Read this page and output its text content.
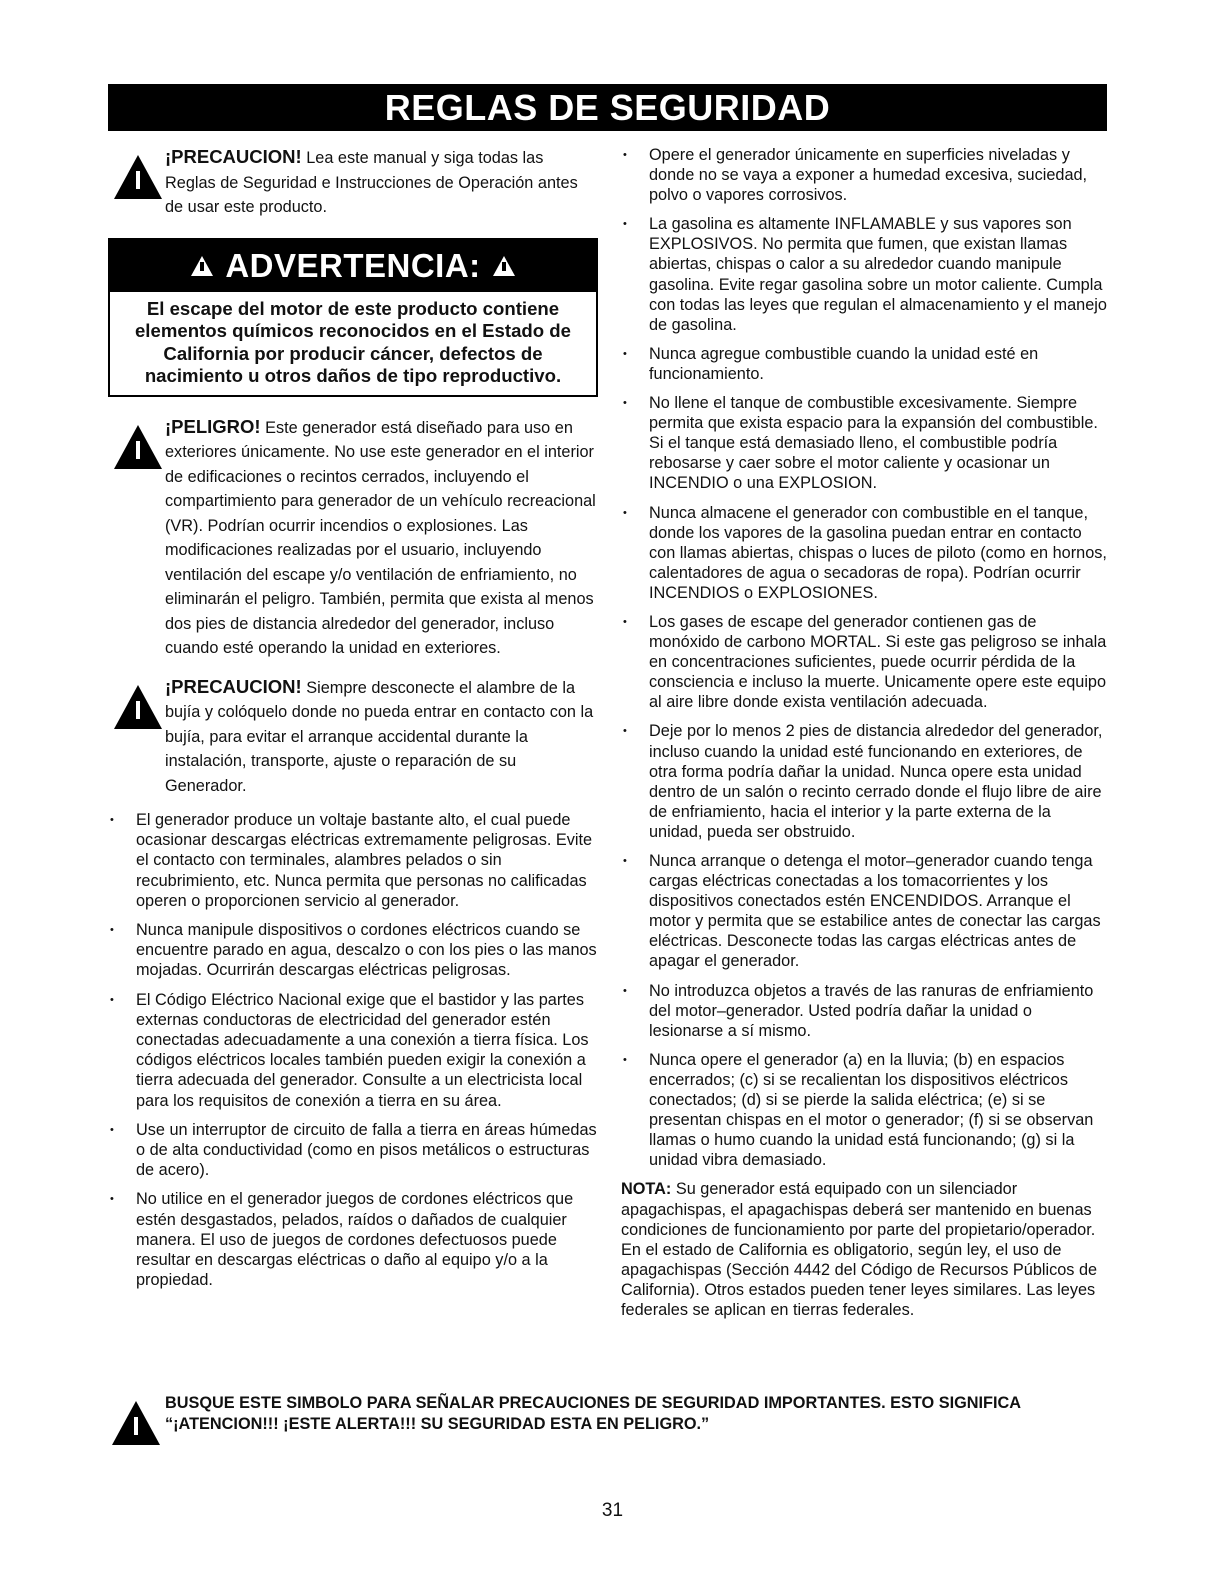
REGLAS DE SEGURIDAD
¡PRECAUCION! Lea este manual y siga todas las Reglas de Seguridad e Instrucciones de Operación antes de usar este producto.
ADVERTENCIA:
El escape del motor de este producto contiene elementos químicos reconocidos en el Estado de California por producir cáncer, defectos de nacimiento u otros daños de tipo reproductivo.
¡PELIGRO! Este generador está diseñado para uso en exteriores únicamente. No use este generador en el interior de edificaciones o recintos cerrados, incluyendo el compartimiento para generador de un vehículo recreacional (VR). Podrían ocurrir incendios o explosiones. Las modificaciones realizadas por el usuario, incluyendo ventilación del escape y/o ventilación de enfriamiento, no eliminarán el peligro. También, permita que exista al menos dos pies de distancia alrededor del generador, incluso cuando esté operando la unidad en exteriores.
¡PRECAUCION! Siempre desconecte el alambre de la bujía y colóquelo donde no pueda entrar en contacto con la bujía, para evitar el arranque accidental durante la instalación, transporte, ajuste o reparación de su Generador.
• El generador produce un voltaje bastante alto, el cual puede ocasionar descargas eléctricas extremamente peligrosas. Evite el contacto con terminales, alambres pelados o sin recubrimiento, etc. Nunca permita que personas no calificadas operen o proporcionen servicio al generador.
• Nunca manipule dispositivos o cordones eléctricos cuando se encuentre parado en agua, descalzo o con los pies o las manos mojadas. Ocurrirán descargas eléctricas peligrosas.
• El Código Eléctrico Nacional exige que el bastidor y las partes externas conductoras de electricidad del generador estén conectadas adecuadamente a una conexión a tierra física. Los códigos eléctricos locales también pueden exigir la conexión a tierra adecuada del generador. Consulte a un electricista local para los requisitos de conexión a tierra en su área.
• Use un interruptor de circuito de falla a tierra en áreas húmedas o de alta conductividad (como en pisos metálicos o estructuras de acero).
• No utilice en el generador juegos de cordones eléctricos que estén desgastados, pelados, raídos o dañados de cualquier manera. El uso de juegos de cordones defectuosos puede resultar en descargas eléctricas o daño al equipo y/o a la propiedad.
• Opere el generador únicamente en superficies niveladas y donde no se vaya a exponer a humedad excesiva, suciedad, polvo o vapores corrosivos.
• La gasolina es altamente INFLAMABLE y sus vapores son EXPLOSIVOS. No permita que fumen, que existan llamas abiertas, chispas o calor a su alrededor cuando manipule gasolina. Evite regar gasolina sobre un motor caliente. Cumpla con todas las leyes que regulan el almacenamiento y el manejo de gasolina.
• Nunca agregue combustible cuando la unidad esté en funcionamiento.
• No llene el tanque de combustible excesivamente. Siempre permita que exista espacio para la expansión del combustible. Si el tanque está demasiado lleno, el combustible podría rebosarse y caer sobre el motor caliente y ocasionar un INCENDIO o una EXPLOSION.
• Nunca almacene el generador con combustible en el tanque, donde los vapores de la gasolina puedan entrar en contacto con llamas abiertas, chispas o luces de piloto (como en hornos, calentadores de agua o secadoras de ropa). Podrían ocurrir INCENDIOS o EXPLOSIONES.
• Los gases de escape del generador contienen gas de monóxido de carbono MORTAL. Si este gas peligroso se inhala en concentraciones suficientes, puede ocurrir pérdida de la consciencia e incluso la muerte. Unicamente opere este equipo al aire libre donde exista ventilación adecuada.
• Deje por lo menos 2 pies de distancia alrededor del generador, incluso cuando la unidad esté funcionando en exteriores, de otra forma podría dañar la unidad. Nunca opere esta unidad dentro de un salón o recinto cerrado donde el flujo libre de aire de enfriamiento, hacia el interior y la parte externa de la unidad, pueda ser obstruido.
• Nunca arranque o detenga el motor–generador cuando tenga cargas eléctricas conectadas a los tomacorrientes y los dispositivos conectados estén ENCENDIDOS. Arranque el motor y permita que se estabilice antes de conectar las cargas eléctricas. Desconecte todas las cargas eléctricas antes de apagar el generador.
• No introduzca objetos a través de las ranuras de enfriamiento del motor–generador. Usted podría dañar la unidad o lesionarse a sí mismo.
• Nunca opere el generador (a) en la lluvia; (b) en espacios encerrados; (c) si se recalientan los dispositivos eléctricos conectados; (d) si se pierde la salida eléctrica; (e) si se presentan chispas en el motor o generador; (f) si se observan llamas o humo cuando la unidad está funcionando; (g) si la unidad vibra demasiado.
NOTA: Su generador está equipado con un silenciador apagachispas, el apagachispas deberá ser mantenido en buenas condiciones de funcionamiento por parte del propietario/operador. En el estado de California es obligatorio, según ley, el uso de apagachispas (Sección 4442 del Código de Recursos Públicos de California). Otros estados pueden tener leyes similares. Las leyes federales se aplican en tierras federales.
BUSQUE ESTE SIMBOLO PARA SEÑALAR PRECAUCIONES DE SEGURIDAD IMPORTANTES. ESTO SIGNIFICA “¡ATENCION!!! ¡ESTE ALERTA!!! SU SEGURIDAD ESTA EN PELIGRO.”
31
